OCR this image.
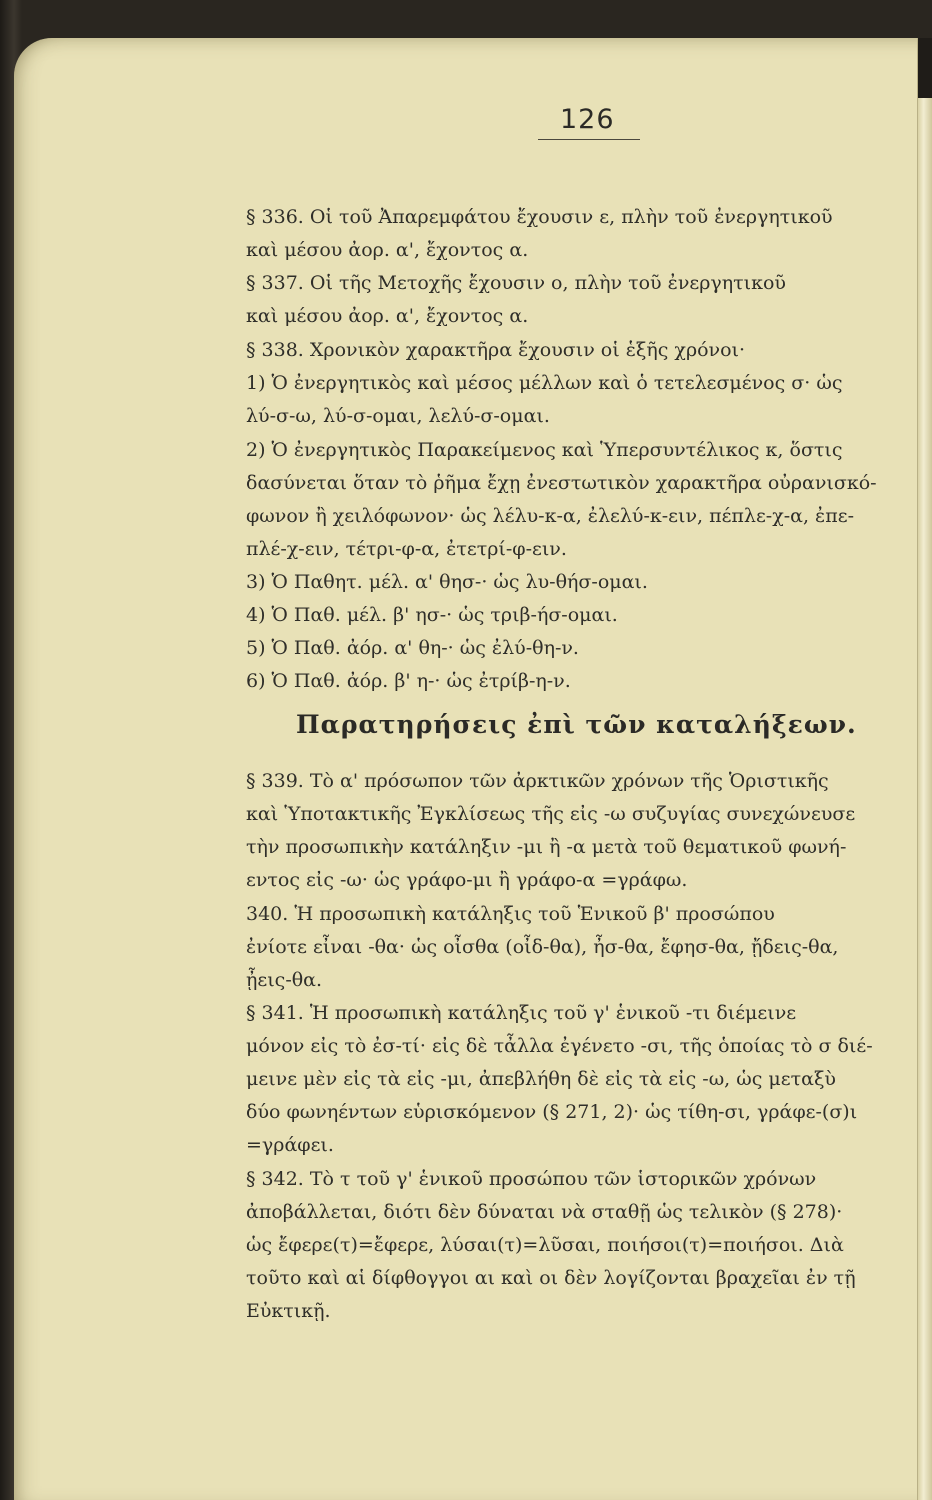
126
§ 336. Οἱ τοῦ Ἀπαρεμφάτου ἔχουσιν ε, πλὴν τοῦ ἐνεργητικοῦ
καὶ μέσου ἀορ. α', ἔχοντος α.
§ 337. Οἱ τῆς Μετοχῆς ἔχουσιν ο, πλὴν τοῦ ἐνεργητικοῦ
καὶ μέσου ἀορ. α', ἔχοντος α.
§ 338. Χρονικὸν χαρακτῆρα ἔχουσιν οἱ ἑξῆς χρόνοι·
1) Ὁ ἐνεργητικὸς καὶ μέσος μέλλων καὶ ὁ τετελεσμένος σ· ὡς
λύ-σ-ω, λύ-σ-ομαι, λελύ-σ-ομαι.
2) Ὁ ἐνεργητικὸς Παρακείμενος καὶ Ὑπερσυντέλικος κ, ὅστις
δασύνεται ὅταν τὸ ῥῆμα ἔχῃ ἐνεστωτικὸν χαρακτῆρα οὐρανισκό-
φωνον ἢ χειλόφωνον· ὡς λέλυ-κ-α, ἐλελύ-κ-ειν, πέπλε-χ-α, ἐπε-
πλέ-χ-ειν, τέτρι-φ-α, ἐτετρί-φ-ειν.
3) Ὁ Παθητ. μέλ. α' θησ-· ὡς λυ-θήσ-ομαι.
4) Ὁ Παθ. μέλ. β' ησ-· ὡς τριβ-ήσ-ομαι.
5) Ὁ Παθ. ἀόρ. α' θη-· ὡς ἐλύ-θη-ν.
6) Ὁ Παθ. ἀόρ. β' η-· ὡς ἐτρίβ-η-ν.
Παρατηρήσεις ἐπὶ τῶν καταλήξεων.
§ 339. Τὸ α' πρόσωπον τῶν ἀρκτικῶν χρόνων τῆς Ὁριστικῆς
καὶ Ὑποτακτικῆς Ἐγκλίσεως τῆς εἰς -ω συζυγίας συνεχώνευσε
τὴν προσωπικὴν κατάληξιν -μι ἢ -α μετὰ τοῦ θεματικοῦ φωνή-
εντος εἰς -ω· ὡς γράφο-μι ἢ γράφο-α =γράφω.
340. Ἡ προσωπικὴ κατάληξις τοῦ Ἑνικοῦ β' προσώπου
ἐνίοτε εἶναι -θα· ὡς οἶσθα (οἶδ-θα), ἦσ-θα, ἔφησ-θα, ᾔδεις-θα,
ᾖεις-θα.
§ 341. Ἡ προσωπικὴ κατάληξις τοῦ γ' ἑνικοῦ -τι διέμεινε
μόνον εἰς τὸ ἐσ-τί· εἰς δὲ τἆλλα ἐγένετο -σι, τῆς ὁποίας τὸ σ διέ-
μεινε μὲν εἰς τὰ εἰς -μι, ἀπεβλήθη δὲ εἰς τὰ εἰς -ω, ὡς μεταξὺ
δύο φωνηέντων εὑρισκόμενον (§ 271, 2)· ὡς τίθη-σι, γράφε-(σ)ι
=γράφει.
§ 342. Τὸ τ τοῦ γ' ἑνικοῦ προσώπου τῶν ἱστορικῶν χρόνων
ἀποβάλλεται, διότι δὲν δύναται νὰ σταθῇ ὡς τελικὸν (§ 278)·
ὡς ἔφερε(τ)=ἔφερε, λύσαι(τ)=λῦσαι, ποιήσοι(τ)=ποιήσοι. Διὰ
τοῦτο καὶ αἱ δίφθογγοι αι καὶ οι δὲν λογίζονται βραχεῖαι ἐν τῇ
Εὐκτικῇ.
